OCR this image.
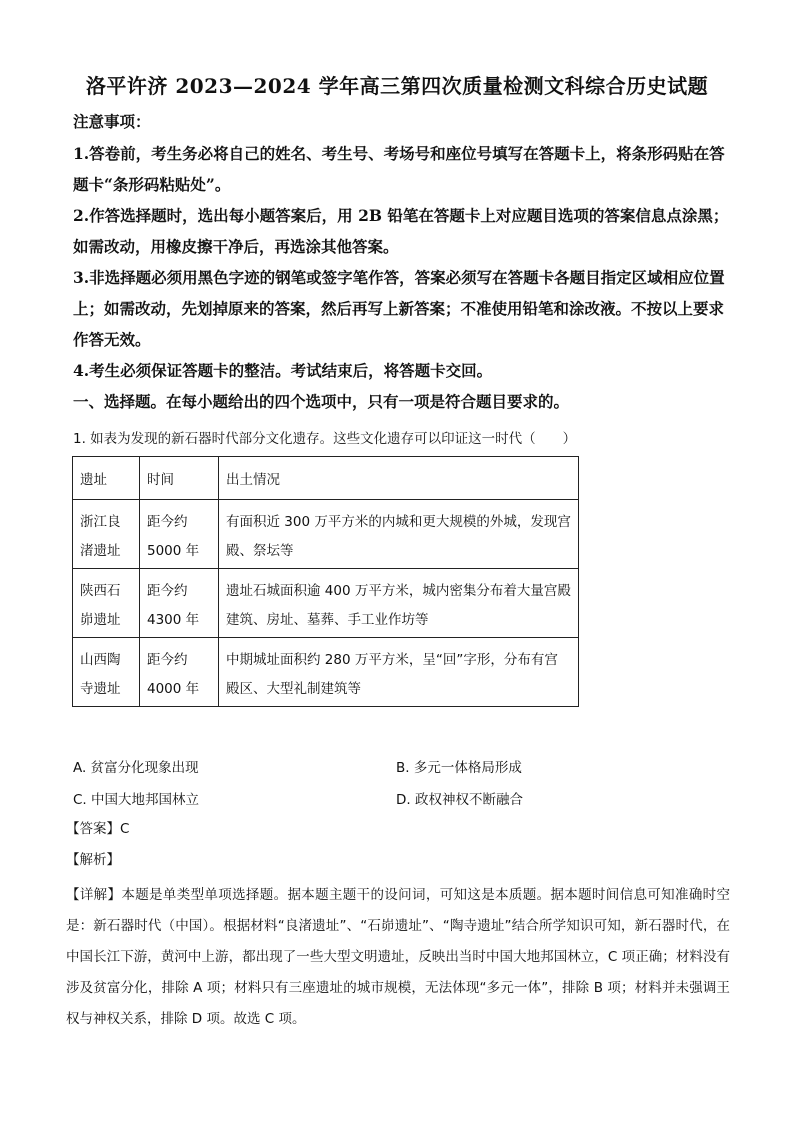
洛平许济 2023—2024 学年高三第四次质量检测文科综合历史试题
注意事项：

1.答卷前，考生务必将自己的姓名、考生号、考场号和座位号填写在答题卡上，将条形码贴在答题卡“条形码粘贴处”。

2.作答选择题时，选出每小题答案后，用 2B 铅笔在答题卡上对应题目选项的答案信息点涂黑；如需改动，用橡皮擦干净后，再选涂其他答案。

3.非选择题必须用黑色字迹的钢笔或签字笔作答，答案必须写在答题卡各题目指定区域相应位置上；如需改动，先划掉原来的答案，然后再写上新答案；不准使用铅笔和涂改液。不按以上要求作答无效。

4.考生必须保证答题卡的整洁。考试结束后，将答题卡交回。

一、选择题。在每小题给出的四个选项中，只有一项是符合题目要求的。
1. 如表为发现的新石器时代部分文化遗存。这些文化遗存可以印证这一时代（　　）
遗址	时间	出土情况
浙江良渚遗址	距今约 5000 年	有面积近 300 万平方米的内城和更大规模的外城，发现宫殿、祭坛等
陕西石峁遗址	距今约 4300 年	遗址石城面积逾 400 万平方米，城内密集分布着大量宫殿建筑、房址、墓葬、手工业作坊等
山西陶寺遗址	距今约 4000 年	中期城址面积约 280 万平方米，呈“回”字形，分布有宫殿区、大型礼制建筑等
A. 贫富分化现象出现	B. 多元一体格局形成
C. 中国大地邦国林立	D. 政权神权不断融合

【答案】C

【解析】

【详解】本题是单类型单项选择题。据本题主题干的设问词，可知这是本质题。据本题时间信息可知准确时空是：新石器时代（中国）。根据材料“良渚遗址”、“石峁遗址”、“陶寺遗址”结合所学知识可知，新石器时代，在中国长江下游，黄河中上游，都出现了一些大型文明遗址，反映出当时中国大地邦国林立，C 项正确；材料没有涉及贫富分化，排除 A 项；材料只有三座遗址的城市规模，无法体现“多元一体”，排除 B 项；材料并未强调王权与神权关系，排除 D 项。故选 C 项。
